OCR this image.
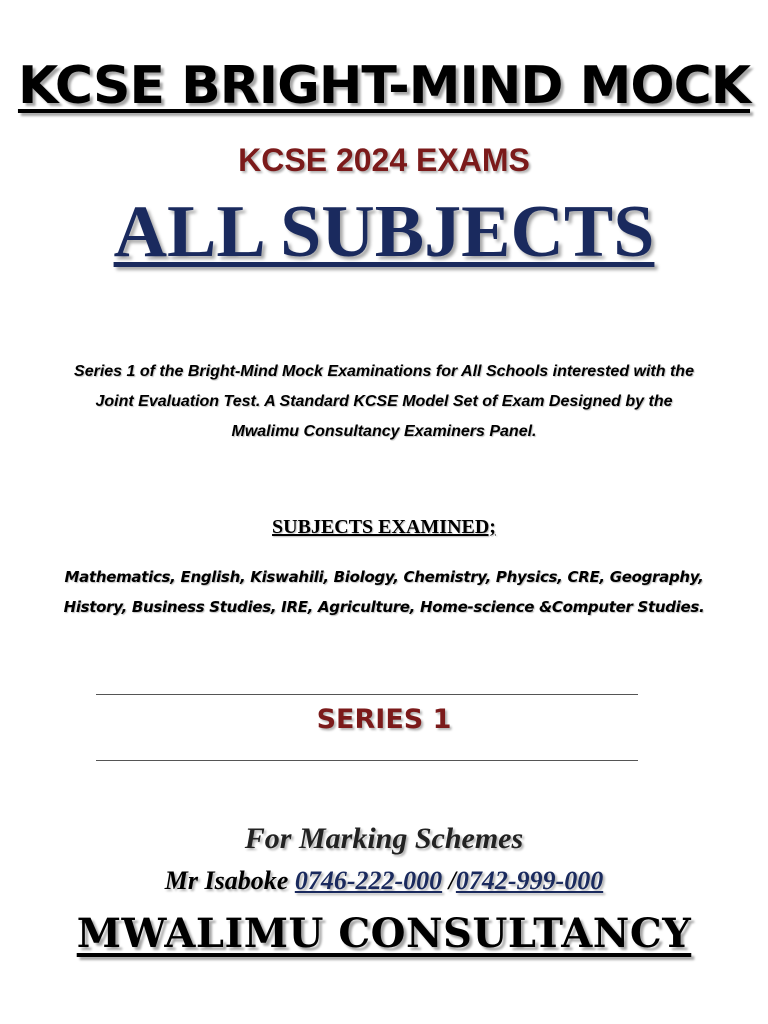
KCSE BRIGHT-MIND MOCK
KCSE 2024 EXAMS
ALL SUBJECTS
Series 1 of the Bright-Mind Mock Examinations for All Schools interested with the
Joint Evaluation Test. A Standard KCSE Model Set of Exam Designed by the
Mwalimu Consultancy Examiners Panel.
SUBJECTS EXAMINED;
Mathematics, English, Kiswahili, Biology, Chemistry, Physics, CRE, Geography,
History, Business Studies, IRE, Agriculture, Home-science &Computer Studies.
SERIES 1
For Marking Schemes
Mr Isaboke 0746-222-000 /0742-999-000
MWALIMU CONSULTANCY
